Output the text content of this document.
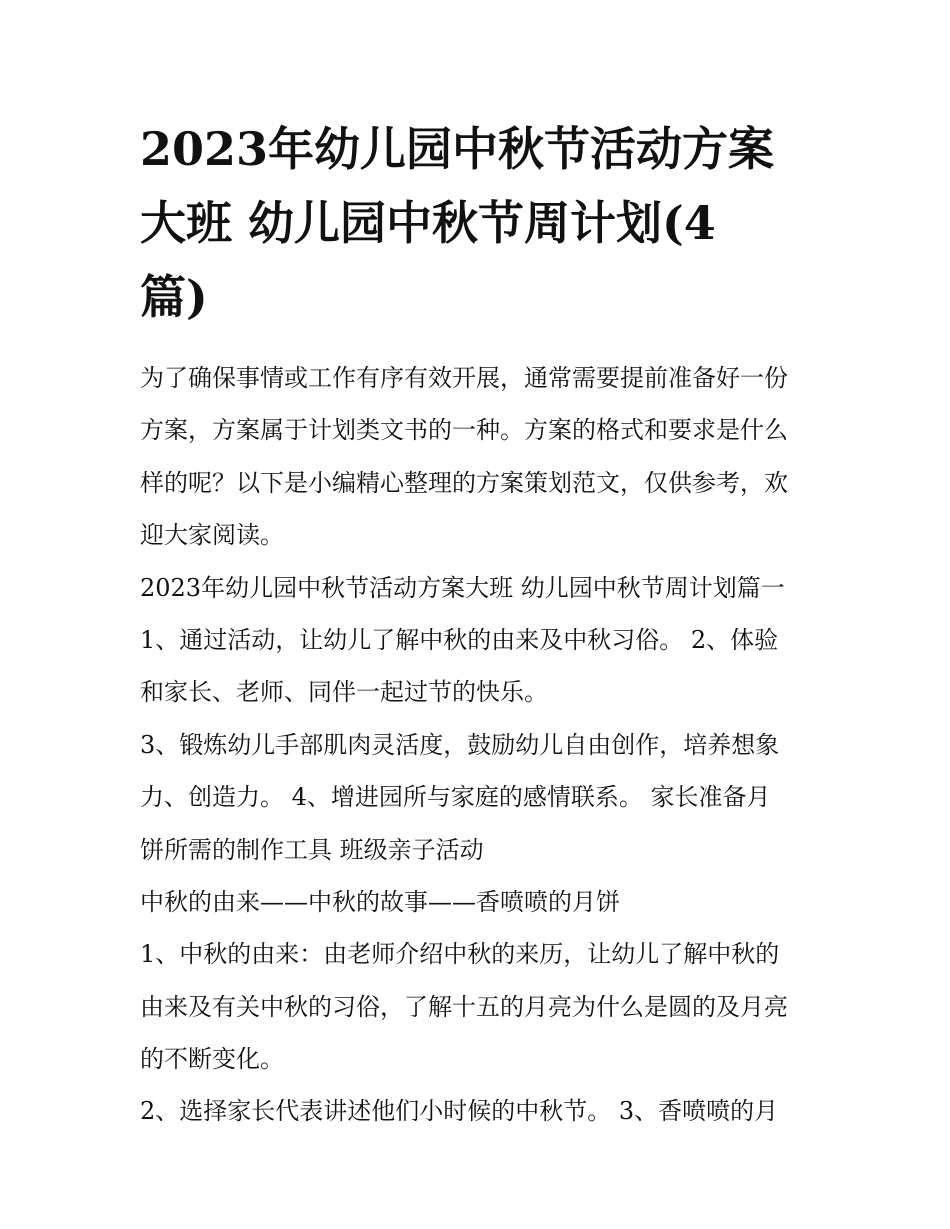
2023年幼儿园中秋节活动方案
大班 幼儿园中秋节周计划(4
篇)
为了确保事情或工作有序有效开展，通常需要提前准备好一份
方案，方案属于计划类文书的一种。方案的格式和要求是什么
样的呢？以下是小编精心整理的方案策划范文，仅供参考，欢
迎大家阅读。
2023年幼儿园中秋节活动方案大班 幼儿园中秋节周计划篇一
1、通过活动，让幼儿了解中秋的由来及中秋习俗。 2、体验
和家长、老师、同伴一起过节的快乐。
3、锻炼幼儿手部肌肉灵活度，鼓励幼儿自由创作，培养想象
力、创造力。 4、增进园所与家庭的感情联系。 家长准备月
饼所需的制作工具 班级亲子活动
中秋的由来——中秋的故事——香喷喷的月饼
1、中秋的由来：由老师介绍中秋的来历，让幼儿了解中秋的
由来及有关中秋的习俗，了解十五的月亮为什么是圆的及月亮
的不断变化。
2、选择家长代表讲述他们小时候的中秋节。 3、香喷喷的月
